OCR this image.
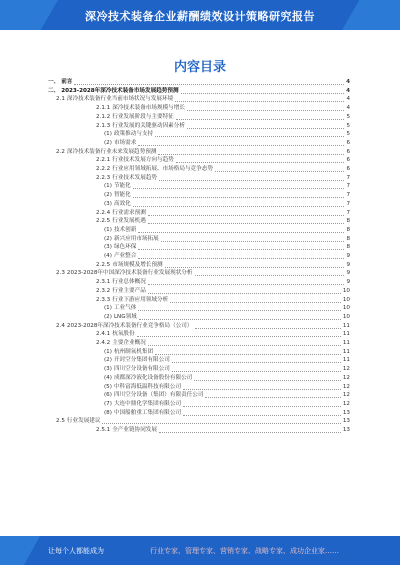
深冷技术装备企业薪酬绩效设计策略研究报告
内容目录
一、 前言	4
二、 2023-2028年深冷技术装备市场发展趋势预测	4
2.1 深冷技术装备行业当前市场状况与发展环境	4
2.1.1 深冷技术装备市场规模与增长	4
2.1.2 行业发展阶段与主要特征	5
2.1.3 行业发展的关键驱动因素分析	5
(1) 政策推动与支持	5
(2) 市场需求	6
2.2 深冷技术装备行业未来发展趋势预测	6
2.2.1 行业技术发展方向与趋势	6
2.2.2 行业应用领域拓展、市场格局与竞争态势	6
2.2.3 行业技术发展趋势	7
(1) 节能化	7
(2) 智能化	7
(3) 高效化	7
2.2.4 行业需求预测	7
2.2.5 行业发展机遇	8
(1) 技术创新	8
(2) 新兴应用市场拓展	8
(3) 绿色环保	8
(4) 产业整合	9
2.2.5 市场规模及增长预测	9
2.3 2023-2028年中国深冷技术装备行业发展现状分析	9
2.3.1 行业总体概况	9
2.3.2 行业主要产品	10
2.3.3 行业下游应用领域分析	10
(1) 工业气体	10
(2) LNG领域	10
2.4 2023-2028年深冷技术装备行业竞争格局（公司）	11
2.4.1 杭氧股份	11
2.4.2 主要企业概况	11
(1) 杭州制氧机集团	11
(2) 开封空分集团有限公司	11
(3) 四川空分设备有限公司	12
(4) 成都深冷液化设备股份有限公司	12
(5) 中科富海低温科技有限公司	12
(6) 四川空分设备（集团）有限责任公司	12
(7) 大连中鼎化学集团有限公司	12
(8) 中国船舶重工集团有限公司	13
2.5 行业发展建议	13
2.5.1 全产业链协同发展	13
让每个人都能成为	行业专家、管理专家、营销专家、战略专家、成功企业家……
